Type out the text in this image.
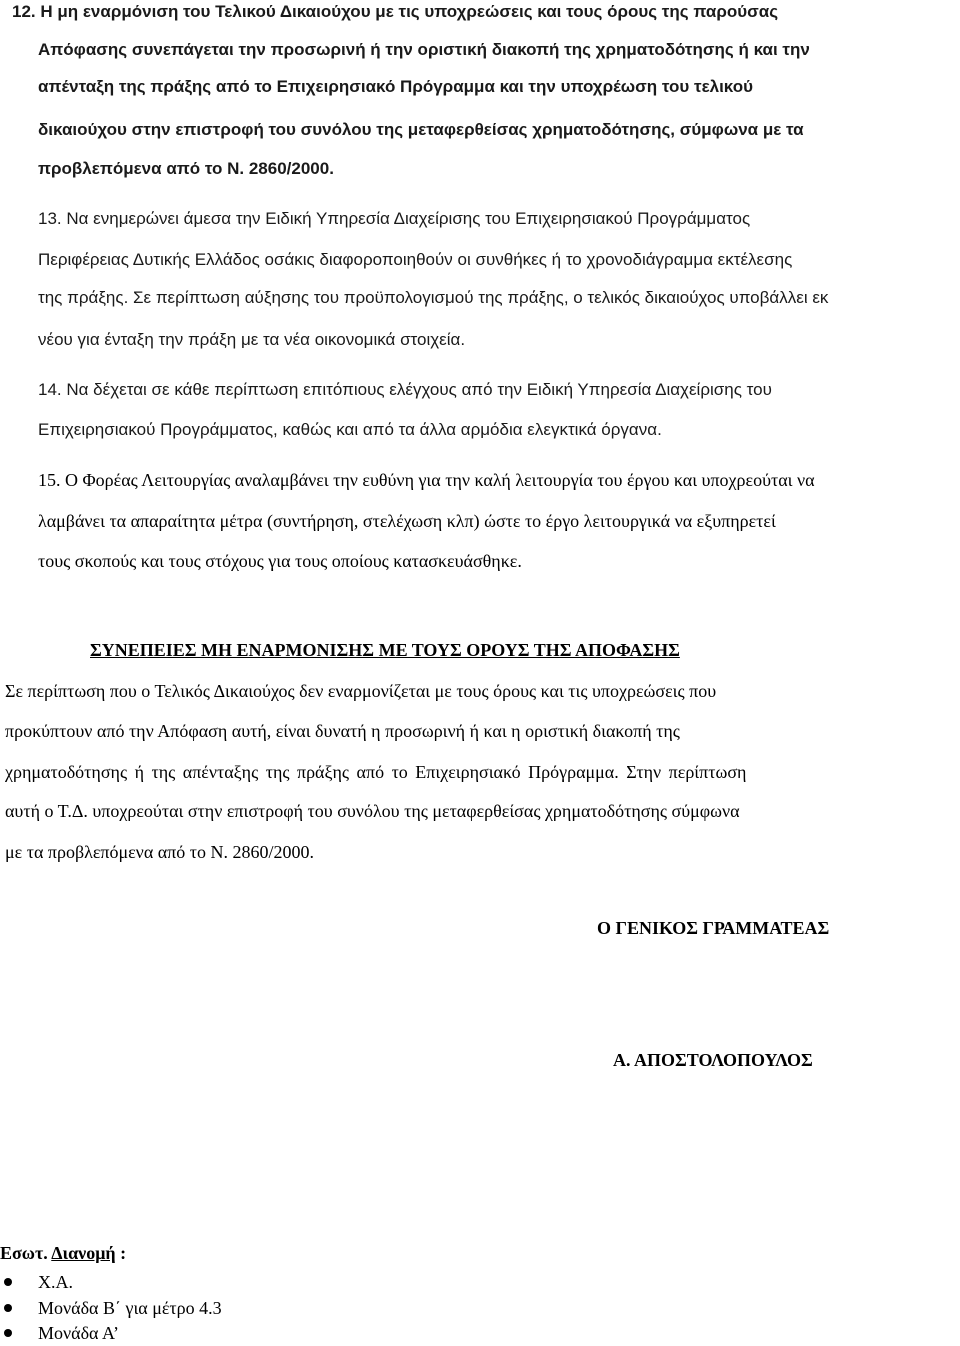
12. Η μη εναρμόνιση του Τελικού Δικαιούχου με τις υποχρεώσεις και τους όρους της παρούσας
Απόφασης συνεπάγεται την προσωρινή ή την οριστική διακοπή της χρηματοδότησης ή και την
απένταξη της πράξης από το Επιχειρησιακό Πρόγραμμα και την υποχρέωση του τελικού
δικαιούχου στην επιστροφή του συνόλου της μεταφερθείσας χρηματοδότησης, σύμφωνα με τα
προβλεπόμενα από το Ν. 2860/2000.
13. Να ενημερώνει άμεσα την Ειδική Υπηρεσία Διαχείρισης του Επιχειρησιακού Προγράμματος
Περιφέρειας Δυτικής Ελλάδος οσάκις διαφοροποιηθούν οι συνθήκες ή το χρονοδιάγραμμα εκτέλεσης
της πράξης. Σε περίπτωση αύξησης του προϋπολογισμού της πράξης, ο τελικός δικαιούχος υποβάλλει εκ
νέου για ένταξη την πράξη με τα νέα οικονομικά στοιχεία.
14. Να δέχεται σε κάθε περίπτωση επιτόπιους ελέγχους από την Ειδική Υπηρεσία Διαχείρισης του
Επιχειρησιακού Προγράμματος, καθώς και από τα άλλα αρμόδια ελεγκτικά όργανα.
15. Ο Φορέας Λειτουργίας αναλαμβάνει την ευθύνη για την καλή λειτουργία του έργου και υποχρεούται να
λαμβάνει τα απαραίτητα μέτρα (συντήρηση, στελέχωση κλπ) ώστε το έργο λειτουργικά να εξυπηρετεί
τους σκοπούς και τους στόχους για τους οποίους κατασκευάσθηκε.
ΣΥΝΕΠΕΙΕΣ ΜΗ ΕΝΑΡΜΟΝΙΣΗΣ ΜΕ ΤΟΥΣ ΟΡΟΥΣ ΤΗΣ ΑΠΟΦΑΣΗΣ
Σε περίπτωση που ο Τελικός Δικαιούχος δεν εναρμονίζεται με τους όρους και τις υποχρεώσεις που
προκύπτουν από την Απόφαση αυτή, είναι δυνατή η προσωρινή ή και η οριστική διακοπή της
χρηματοδότησης ή της απένταξης της πράξης από το Επιχειρησιακό Πρόγραμμα. Στην περίπτωση
αυτή ο Τ.Δ. υποχρεούται στην επιστροφή του συνόλου της μεταφερθείσας χρηματοδότησης σύμφωνα
με τα προβλεπόμενα από το Ν. 2860/2000.
Ο ΓΕΝΙΚΟΣ ΓΡΑΜΜΑΤΕΑΣ
Α. ΑΠΟΣΤΟΛΟΠΟΥΛΟΣ
Εσωτ. Διανομή :
Χ.Α.
Μονάδα Β΄ για μέτρο 4.3
Μονάδα Α’
